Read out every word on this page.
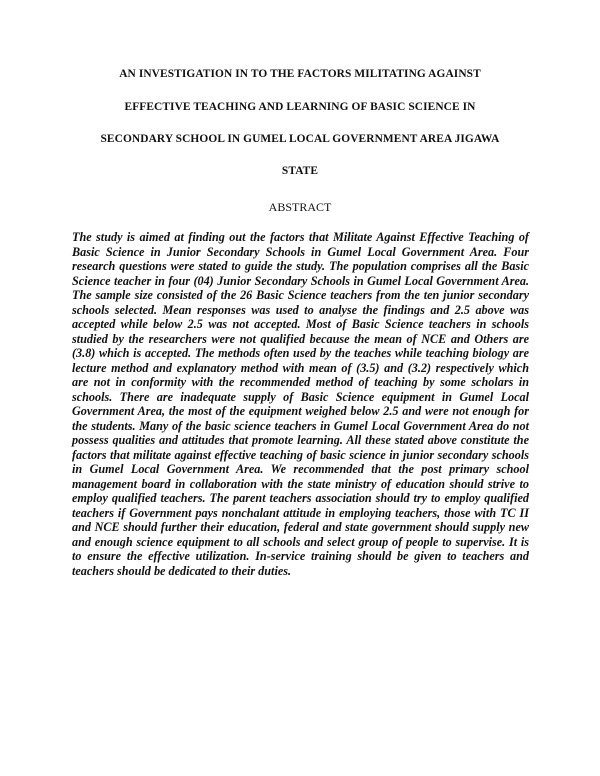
AN INVESTIGATION IN TO THE FACTORS MILITATING AGAINST
EFFECTIVE TEACHING AND LEARNING OF BASIC SCIENCE IN
SECONDARY SCHOOL IN GUMEL LOCAL GOVERNMENT AREA JIGAWA
STATE
ABSTRACT

The study is aimed at finding out the factors that Militate Against Effective Teaching of Basic Science in Junior Secondary Schools in Gumel Local Government Area. Four research questions were stated to guide the study. The population comprises all the Basic Science teacher in four (04) Junior Secondary Schools in Gumel Local Government Area. The sample size consisted of the 26 Basic Science teachers from the ten junior secondary schools selected. Mean responses was used to analyse the findings and 2.5 above was accepted while below 2.5 was not accepted. Most of Basic Science teachers in schools studied by the researchers were not qualified because the mean of NCE and Others are (3.8) which is accepted. The methods often used by the teaches while teaching biology are lecture method and explanatory method with mean of (3.5) and (3.2) respectively which are not in conformity with the recommended method of teaching by some scholars in schools. There are inadequate supply of Basic Science equipment in Gumel Local Government Area, the most of the equipment weighed below 2.5 and were not enough for the students. Many of the basic science teachers in Gumel Local Government Area do not possess qualities and attitudes that promote learning. All these stated above constitute the factors that militate against effective teaching of basic science in junior secondary schools in Gumel Local Government Area. We recommended that the post primary school management board in collaboration with the state ministry of education should strive to employ qualified teachers. The parent teachers association should try to employ qualified teachers if Government pays nonchalant attitude in employing teachers, those with TC II and NCE should further their education, federal and state government should supply new and enough science equipment to all schools and select group of people to supervise. It is to ensure the effective utilization. In-service training should be given to teachers and teachers should be dedicated to their duties.
